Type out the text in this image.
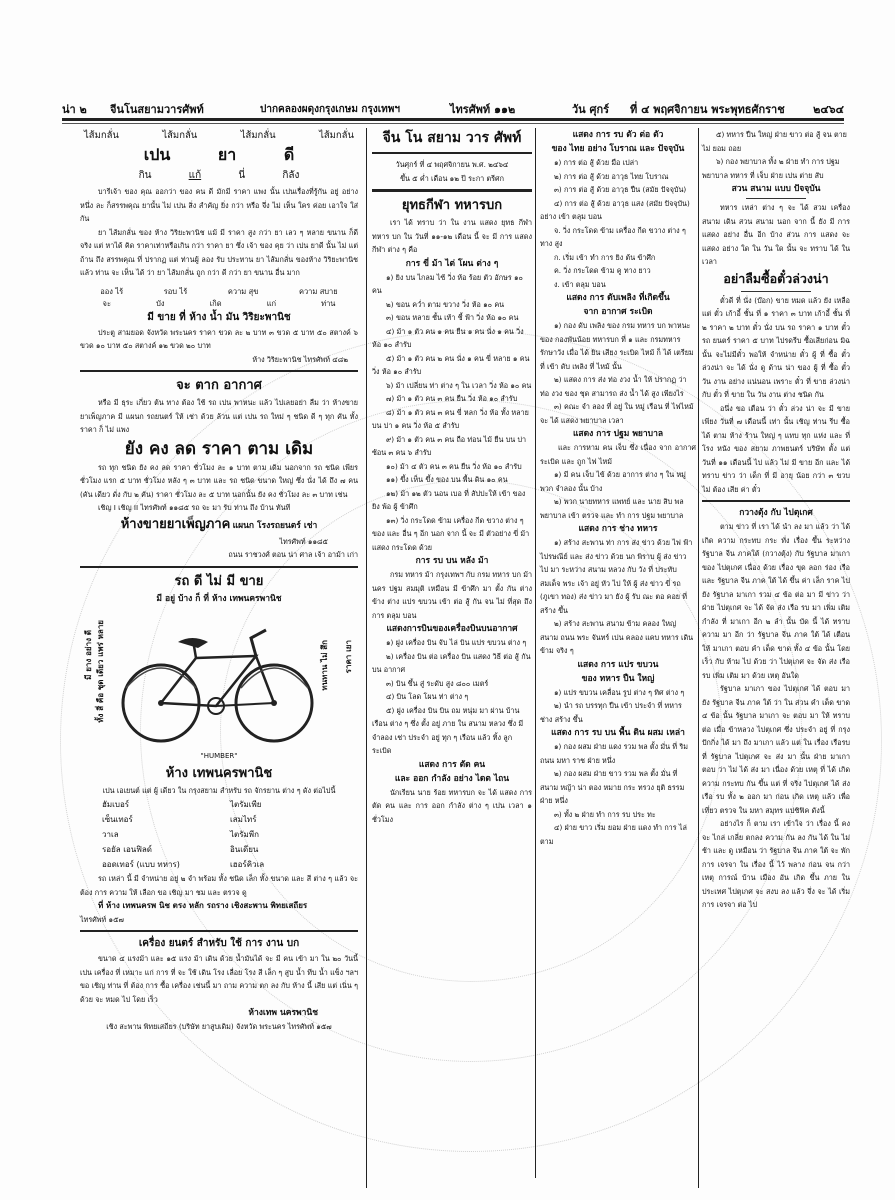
น่า ๒	จีนโนสยามวารศัพท์	ปากคลองผดุงกรุงเกษม กรุงเทพฯ	ไทรศัพท์ ๑๑๒	วัน ศุกร์	ที่ ๔ พฤศจิกายน พระพุทธศักราช	๒๔๖๔
ไส้มกลั่น	ไส้มกลั่น	ไส้มกลั่น	ไส้มกลั่น
เปน	ยา	ดี
กิน	แก้	นี่	กิลัง

บารีเจ้า ของ คุณ ออกว่า ของ คน ดี มักมี ราคา แพง นั้น เปนเรื่องที่รู้กัน อยู่ อย่าง หนึ่ง ละ ก็สรรพคุณ ยานั้น ไม่ เปน สิ่ง สำคัญ ยิ่ง กว่า หรือ จึ่ง ไม่ เห็น ใคร ค่อย เอาใจ ใส่ กัน

ยา ไส้มกลั่น ของ ห้าง วิริยะพานิช แม้ มี ราคา สูง กว่า ยา เลว ๆ หลาย ขนาน ก็ดี จริง แต่ หาได้ คิด ราคาเท่าหรือเกิน กว่า ราคา ยา ซึ่ง เจ้า ของ คุย ว่า เปน ยาดี นั้น ไม่ แต่ ถ้าน ถึง สรรพคุณ ที่ ปรากฏ แต่ ท่านผู้ ลอง รับ ประทาน ยา ไส้มกลั่น ของห้าง วิริยะพานิช แล้ว ท่าน จะ เห็น ได้ ว่า ยา ไส้มกลั่น ถูก กว่า ดี กว่า ยา ขนาน อื่น มาก

ออง ไร้	รอบ ไร้	ความ สุข	ความ สบาย
จะ	บัง	เกิด	แก่	ท่าน
มี ขาย ที่ ห้าง น้ำ มัน วิริยะพานิช

ประตู สามยอด จังหวัด พระนคร ราคา ขวด ละ ๒ บาท ๓ ขวด ๕ บาท ๕๐ สตางค์ ๖ ขวด ๑๐ บาท ๕๐ สตางค์ ๑๒ ขวด ๒๐ บาท

ห้าง วิริยะพานิช ไทรศัพท์ ๔๘๒
จะ ตาก อากาศ

หรือ มี ธุระ เกี่ยว ต้น ทาง ต้อง ใช้ รถ เปน พาหนะ แล้ว ไปเลยอย่า ลืม ว่า ห้างขายยาเพ็ญภาค มี แผนก รถยนตร์ ให้ เช่า ด้วย ล้วน แต่ เปน รถ ใหม่ ๆ ชนิด ดี ๆ ทุก คัน ทั้ง ราคา ก็ ไม่ แพง

ยัง คง ลด ราคา ตาม เดิม

รถ ทุก ชนิด ยัง คง ลด ราคา ชั่วโมง ละ ๑ บาท ตาม เดิม นอกจาก รถ ชนิด เพียร ชั่วโมง แรก ๕ บาท ชั่วโมง หลัง ๆ ๓ บาท และ รถ ชนิด ขนาด ใหญ่ ซึ่ง นั่ง ได้ ถึง ๗ คน (คัน เดียว ดั่ง กับ ๒ คัน) ราคา ชั่วโมง ละ ๕ บาท นอกนั้น ยัง คง ชั่วโมง ละ ๓ บาท เช่น

เชิญ I เชิญ II ไทรศัพท์ ๑๑๘๕ รถ จะ มา รับ ท่าน ถึง บ้าน ทันที

ห้างขายยาเพ็ญภาค แผนก โรงรถยนตร์ เช่า
ไทรศัพท์ ๑๑๘๕
ถนน ราชวงศ์ ตอน น่า ศาล เจ้า อาม้า เก่า
รถ ดี ไม่ มี ขาย
มี อยู่ บ้าง ก็ ที่ ห้าง เทพนครพานิช
มี ยาง อย่าง ดี ทั้ง สี่ คือ ชุด เดียว แพร่ หลาย	ทนทาน ไม่ สึก	ราคา เยา
"HUMBER"
ห้าง เทพนครพานิช
เปน เอเยนต์ แต่ ผู้ เดียว ใน กรุงสยาม สำหรับ รถ จักรยาน ต่าง ๆ ดัง ต่อไปนี้
ฮัมเบอร์	ไตรัมเพีย
เซ็นเทอร์	เสมไทร์
วาเล	ไตรัมพีก
รอยัล เอนฟิลด์	อินเดียน
ออดเทอร์ (แบบ ทหาร)	เฮอร์คิวเล

รถ เหล่า นี้ มี จำหน่าย อยู่ ๒ จำ พร้อม ทั้ง ชนิด เล็ก ทั้ง ขนาด และ สี ต่าง ๆ แล้ว จะ ต้อง การ ความ ให้ เลือก ขอ เชิญ มา ชม และ ตรวจ ดู

ที่ ห้าง เทพนครพ นิช ตรง หลัก รถราง เชิงสะพาน พิทยเสถียร

ไทรศัพท์ ๑๕๗
เครื่อง ยนตร์ สำหรับ ใช้ การ งาน บก

ขนาด ๔ แรงม้า และ ๑๕ แรง ม้า เดิน ด้วย น้ำมันได้ จะ มี คน เข้า มา ใน ๒๐ วันนี้ เปน เครื่อง ที่ เหมาะ แก่ การ ที่ จะ ใช้ เดิน โรง เลื่อย โรง สี เล็ก ๆ สูบ น้ำ ทีบ น้ำ แข็ง ฯลฯ ขอ เชิญ ท่าน ที่ ต้อง การ ซื้อ เครื่อง เช่นนี้ มา ถาม ความ ตก ลง กับ ห้าง นี้ เสีย แต่ เนิ่น ๆ ด้วย จะ หมด ไป โดย เร็ว

ห้างเทพ นครพานิช
เชิง สะพาน พิทยเสถียร (บริษัท ยาสูบเดิม) จังหวัด พระนคร ไทรศัพท์ ๑๕๗
จีน โน สยาม วาร ศัพท์
วันศุกร์ ที่ ๔ พฤศจิกายน พ.ศ. ๒๔๖๔
ขึ้น ๕ ค่ำ เดือน ๑๒ ปี ระกา ตรีศก
ยุทธกีฬา ทหารบก

เรา ได้ ทราบ ว่า ใน งาน แสดง ยุทธ กีฬา ทหาร บก ใน วันที่ ๑๑-๑๒ เดือน นี้ จะ มี การ แสดง กีฬา ต่าง ๆ คือ

การ ขี่ ม้า ไต่ โผน ต่าง ๆ

๑) ยิง บน ไกลม ไซ้ วิ่ง ห้อ ร้อย ตัว อักษร ๑๐ คน

๒) ขอน คว่ำ ตาม ขวาง วิ่ง ห้อ ๑๐ คน

๓) ขอน หลาย ชั้น เท้า ชี้ ฟ้า วิ่ง ห้อ ๑๐ คน

๔) ม้า ๑ ตัว คน ๑ คน ยืน ๑ คน นั่ง ๑ คน วิ่ง ห้อ ๑๐ สำรับ

๕) ม้า ๑ ตัว คน ๒ คน นั่ง ๑ คน ขี่ หลาย ๑ คน วิ่ง ห้อ ๑๐ สำรับ

๖) ม้า เปลี่ยน ท่า ต่าง ๆ ใน เวลา วิ่ง ห้อ ๑๐ คน

๗) ม้า ๑ ตัว คน ๓ คน ยืน วิ่ง ห้อ ๑๐ สำรับ

๘) ม้า ๑ ตัว คน ๓ คน ขี่ หลก วิ่ง ห้อ ทั้ง หลาย บน บ่า ๑ คน วิ่ง ห้อ ๕ สำรับ

๙) ม้า ๑ ตัว คน ๓ คน ถือ ท่อน ไม้ ยืน บน บ่า ซ้อน ๓ คน ๖ สำรับ

๑๐) ม้า ๔ ตัว คน ๓ คน ยืน วิ่ง ห้อ ๑๐ สำรับ

๑๑) ขึ้ง เห็น ขึ้ง ของ บน พื้น ดิน ๑๐ คน

๑๒) ม้า ๑๒ ตัว นอน เบอ ที่ สัปปะให้ เข้า ของ ยิง พ้อ ผู้ ข้าศึก

๑๓) วิ่ง กระโดด ข้าม เครื่อง กีด ขวาง ต่าง ๆ ของ และ อื่น ๆ อีก นอก จาก นี้ จะ มี ตัวอย่าง ขี่ ม้า แสดง กระโดด ด้วย

การ รบ บน หลัง ม้า

กรม ทหาร ม้า กรุงเทพฯ กับ กรม ทหาร บก ม้า นคร ปฐม สมมุติ เหมือน มี ข้าศึก มา ตั้ง กัน ต่าง ข้าง ต่าง แปร ขบวน เข้า ต่อ สู้ กัน จน ไม่ ที่สุด ถึง การ ตลุม บอน

แสดงการบินของเครื่องบินบนอากาศ

๑) ฝูง เครื่อง บิน จับ ไล่ บิน แปร ขบวน ต่าง ๆ

๒) เครื่อง บิน ต่อ เครื่อง บิน แสดง วิธี ต่อ สู้ กัน บน อากาศ

๓) บิน ขึ้น สู่ ระดับ สูง ๘๐๐ เมตร์

๔) บิน โลด โผน ท่า ต่าง ๆ

๕) ฝูง เครื่อง บิน บิน ถม หนุ่ม มา ผ่าน บ้าน เรือน ต่าง ๆ ซึ่ง ตั้ง อยู่ ภาย ใน สนาม หลวง ซึ่ง มี จำลอง เช่า ประจำ อยู่ ทุก ๆ เรือน แล้ว ทิ้ง ลูก ระเบิด

แสดง การ ตัด คน
และ ออก กำลัง อย่าง ไดต ไถน

นักเรียน นาย ร้อย ทหารบก จะ ได้ แสดง การ ตัด คน และ การ ออก กำลัง ต่าง ๆ เปน เวลา ๑ ชั่วโมง

แสดง การ รบ ตัว ต่อ ตัว
ของ ไทย อย่าง โบราณ และ ปัจจุบัน

๑) การ ต่อ สู้ ด้วย มือ เปล่า

๒) การ ต่อ สู้ ด้วย อาวุธ ไทย โบราณ

๓) การ ต่อ สู้ ด้วย อาวุธ ปืน (สมัย ปัจจุบัน)

๔) การ ต่อ สู้ ด้วย อาวุธ แสง (สมัย ปัจจุบัน) อย่าง เข้า ตลุม บอน

จ. วิ่ง กระโดด ข้าม เครื่อง กีด ขวาง ต่าง ๆ ทาง สูง

ก. เริ่ม เข้า ทำ การ ยิง ต้น ข้าศึก

ค. วิ่ง กระโดด ข้าม คู ทาง ยาว

ง. เข้า ตลุม บอน

แสดง การ ดับเพลิง ที่เกิดขึ้น
จาก อากาศ ระเบิด

๑) กอง ดับ เพลิง ของ กรม ทหาร บก พาหนะ ของ กองพันน้อย ทหารบก ที่ ๑ และ กรมทหาร รักษาวัง เมื่อ ได้ ยิน เสียง ระเบิด ไหม้ ก็ ได้ เตรียม ที่ เข้า ดับ เพลิง ที่ ไหม้ นั้น

๒) แสดง การ ส่ง ท่อ งวง น้ำ ให้ ปรากฏ ว่า ท่อ งวง ของ ชุด สามารถ ส่ง น้ำ ได้ สูง เพียงไร

๓) คณะ จำ ลอง ที่ อยู่ ใน หมู่ เรือน ที่ ไฟไหม้ จะ ได้ แสดง พยาบาล เวลา

แสดง การ ปฐม พยาบาล

และ การหาม คน เจ็บ ซึ่ง เนื่อง จาก อากาศ ระเบิด และ ถูก ไฟ ไหม้

๑) มี คน เจ็บ ไข้ ด้วย อาการ ต่าง ๆ ใน หมู่ พวก จำลอง นั้น บ้าง

๒) พวก นายทหาร แพทย์ และ นาย สิบ พล พยาบาล เข้า ตรวจ และ ทำ การ ปฐม พยาบาล

แสดง การ ช่าง ทหาร

๑) สร้าง สะพาน ท่า การ ส่ง ข่าว ด้วย ไฟ ฟ้า ไปรษณีย์ และ ส่ง ข่าว ด้วย นก พิราบ ผู้ ส่ง ข่าว ไป มา ระหว่าง สนาม หลวง กับ วัง ที่ ประทับ สมเด็จ พระ เจ้า อยู่ หัว ไป ให้ ผู้ ส่ง ข่าว ขี่ รถ (ภูเขา ทอง) ส่ง ข่าว มา ยัง ผู้ รับ ณะ ตอ คอย ที่ สร้าง ขึ้น

๒) สร้าง สะพาน สนาม ข้าม คลอง ใหญ่ สนาม ถนน พระ จันทร์ เปน คลอง แคบ ทหาร เดิน ข้าม จริง ๆ

แสดง การ แปร ขบวน
ของ ทหาร ปืน ใหญ่

๑) แปร ขบวน เคลื่อน รูป ต่าง ๆ ทิศ ต่าง ๆ

๒) นำ รถ บรรทุก ปืน เข้า ประจำ ที่ ทหาร ช่าง สร้าง ขึ้น

แสดง การ รบ บน พื้น ดิน ผสม เหล่า

๑) กอง ผสม ฝ่าย แดง รวม พล ตั้ง มั่น ที่ ริม ถนน มหา ราช ฝ่าย หนึ่ง

๒) กอง ผสม ฝ่าย ขาว รวม พล ตั้ง มั่น ที่ สนาม หญ้า น่า ตอง หมาย กระ ทรวง ยุติ ธรรม ฝ่าย หนึ่ง

๓) ทั้ง ๒ ฝ่าย ทำ การ รบ ประ ทะ

๔) ฝ่าย ขาว เริ่ม ยอม ฝ่าย แดง ทำ การ ไล่ ตาม

๕) ทหาร ปืน ใหญ่ ฝ่าย ขาว ต่อ สู้ จน ตาย ไม่ ยอม ถอย

๖) กอง พยาบาล ทั้ง ๒ ฝ่าย ทำ การ ปฐม พยาบาล ทหาร ที่ เจ็บ ฝ่าย เปน ต่าย สับ

สวน สนาม แบบ ปัจจุบัน

ทหาร เหล่า ต่าง ๆ จะ ได้ สวม เครื่อง สนาม เดิน สวน สนาม นอก จาก นี้ ยัง มี การ แสดง อย่าง อื่น อีก บ้าง ส่วน การ แสดง จะ แสดง อย่าง ใด ใน วัน ใด นั้น จะ ทราบ ได้ ใน เวลา

อย่าลืมซื้อตั๋วล่วงน่า

ตั๋วดี ที่ นั่ง (บ๊อก) ขาย หมด แล้ว ยัง เหลือ แต่ ตั๋ว เก้าอี้ ชั้น ที่ ๑ ราคา ๓ บาท เก้าอี้ ชั้น ที่ ๒ ราคา ๒ บาท ตั๋ว นั่ง บน รถ ราคา ๑ บาท ตั๋ว รถ ยนตร์ ราคา ๕ บาท ไปรดรีบ ซื้อเสียก่อน มิฉนั้น จะไม่มีตั๋ว พอให้ จำหน่าย ตั๋ว ผู้ ที่ ซื้อ ตั๋ว ล่วงน่า จะ ได้ นั่ง ดู ด้าน น่า ของ ผู้ ที่ ซื้อ ตั๋ว วัน งาน อย่าง แน่นอน เพราะ ตั๋ว ที่ ขาย ล่วงน่า กับ ตั๋ว ที่ ขาย ใน วัน งาน ต่าง ชนิด กัน

อนึ่ง ขอ เตือน ว่า ตั๋ว ล่วง น่า จะ มี ขาย เพียง วันที่ ๗ เดือนนี้ เท่า นั้น เชิญ ท่าน รีบ ซื้อ ได้ ตาม ห้าง ร้าน ใหญ่ ๆ แทบ ทุก แห่ง และ ที่ โรง หนัง ของ สยาม ภาพยนตร์ บริษัท ตั้ง แต่ วันที่ ๑๑ เดือนนี้ ไป แล้ว ไม่ มี ขาย อีก และ ได้ ทราบ ข่าว ว่า เด็ก ที่ มี อายุ น้อย กว่า ๓ ขวบ ไม่ ต้อง เสีย ค่า ตั๋ว

กวางตุ้ง กับ ไปตุเกศ

ตาม ข่าว ที่ เรา ได้ นำ ลง มา แล้ว ว่า ได้ เกิด ความ กระทบ กระ ทั่ง เรื่อง ขึ้น ระหว่าง รัฐบาล จีน ภาคใต้ (กวางตุ้ง) กับ รัฐบาล มาเกา ของ ไปตุเกศ เนื่อง ด้วย เรื่อง ขุด ลอก ร่อง เรือ และ รัฐบาล จีน ภาค ใต้ ได้ ขึ้น ค่า เล็ก ราค ไป ยัง รัฐบาล มาเกา รวม ๔ ข้อ ต่อ มา มี ข่าว ว่า ฝ่าย ไปตุเกศ จะ ได้ จัด ส่ง เรือ รบ มา เพิ่ม เติม กำลัง ที่ มาเกา อีก ๒ ลำ นั้น บัด นี้ ได้ ทราบ ความ มา อีก ว่า รัฐบาล จีน ภาค ใต้ ได้ เตือน ให้ มาเกา ตอบ คำ เด็ด ขาด ทั้ง ๔ ข้อ นั้น โดยเร็ว กับ ห้าม ไป ด้วย ว่า ไปตุเกศ จะ จัด ส่ง เรือ รบ เพิ่ม เติม มา ด้วย เหตุ อันใด

รัฐบาล มาเกา ของ ไปตุเกศ ได้ ตอบ มา ยัง รัฐบาล จีน ภาค ใต้ ว่า ใน ส่วน คำ เด็ด ขาด ๔ ข้อ นั้น รัฐบาล มาเกา จะ ตอบ มา ให้ ทราบ ต่อ เมื่อ ข้าหลวง ไปตุเกศ ซึ่ง ประจำ อยู่ ที่ กรุง ปักกิ่ง ได้ มา ถึง มาเกา แล้ว แต่ ใน เรื่อง เรือรบ ที่ รัฐบาล ไปตุเกศ จะ ส่ง มา นั้น ฝ่าย มาเกา ตอบ ว่า ไม่ ได้ ส่ง มา เนื่อง ด้วย เหตุ ที่ ได้ เกิด ความ กระทบ กัน ขึ้น แต่ ที่ จริง ไปตุเกศ ได้ ส่ง เรือ รบ ทั้ง ๒ ออก มา ก่อน เกิด เหตุ แล้ว เพื่อ เที่ยว ตรวจ ใน มหา สมุทร แปซิฟิค ดังนี้

อย่างไร ก็ ตาม เรา เข้าใจ ว่า เรื่อง นี้ คง จะ ไกล่ เกลี่ย ตกลง ความ กัน ลง กัน ได้ ใน ไม่ ช้า และ ดู เหมือน ว่า รัฐบาล จีน ภาค ใต้ จะ พัก การ เจรจา ใน เรื่อง นี้ ไว้ พลาง ก่อน จน กว่า เหตุ การณ์ บ้าน เมือง อัน เกิด ขึ้น ภาย ใน ประเทศ ไปตุเกศ จะ สงบ ลง แล้ว จึ่ง จะ ได้ เริ่ม การ เจรจา ต่อ ไป
